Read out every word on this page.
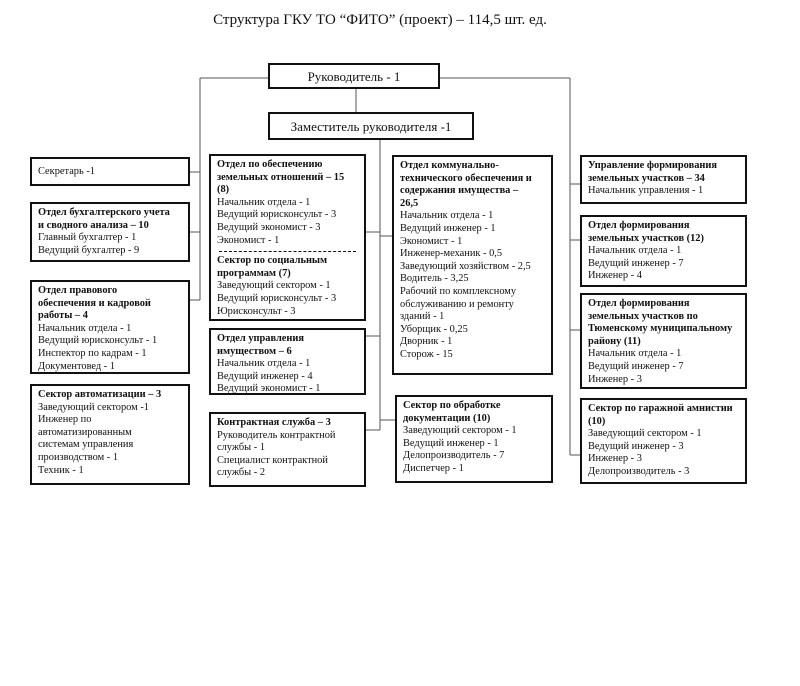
Структура ГКУ ТО “ФИТО” (проект) – 114,5 шт. ед.
Руководитель - 1
Заместитель руководителя -1
Секретарь -1
Отдел бухгалтерского учета
и сводного анализа – 10
Главный бухгалтер - 1
Ведущий бухгалтер - 9
Отдел правового
обеспечения и кадровой
работы – 4
Начальник отдела - 1
Ведущий юрисконсульт - 1
Инспектор по кадрам - 1
Документовед - 1
Сектор автоматизации – 3
Заведующий сектором -1
Инженер по
автоматизированным
системам управления
производством - 1
Техник - 1
Отдел по обеспечению
земельных отношений – 15
(8)
Начальник отдела - 1
Ведущий юрисконсульт - 3
Ведущий экономист - 3
Экономист - 1
Сектор по социальным
программам (7)
Заведующий сектором - 1
Ведущий юрисконсульт - 3
Юрисконсульт - 3
Отдел управления
имуществом – 6
Начальник отдела - 1
Ведущий инженер - 4
Ведущий экономист - 1
Контрактная служба – 3
Руководитель контрактной
службы - 1
Специалист контрактной
службы - 2
Отдел коммунально-
технического обеспечения и
содержания имущества –
26,5
Начальник отдела - 1
Ведущий инженер - 1
Экономист - 1
Инженер-механик - 0,5
Заведующий хозяйством - 2,5
Водитель - 3,25
Рабочий по комплексному
обслуживанию и ремонту
зданий - 1
Уборщик - 0,25
Дворник - 1
Сторож - 15
Сектор по обработке
документации (10)
Заведующий сектором - 1
Ведущий инженер - 1
Делопроизводитель - 7
Диспетчер - 1
Управление формирования
земельных участков – 34
Начальник управления - 1
Отдел формирования
земельных участков (12)
Начальник отдела - 1
Ведущий инженер - 7
Инженер - 4
Отдел формирования
земельных участков по
Тюменскому муниципальному
району (11)
Начальник отдела - 1
Ведущий инженер - 7
Инженер - 3
Сектор по гаражной амнистии
(10)
Заведующий сектором - 1
Ведущий инженер - 3
Инженер - 3
Делопроизводитель - 3
